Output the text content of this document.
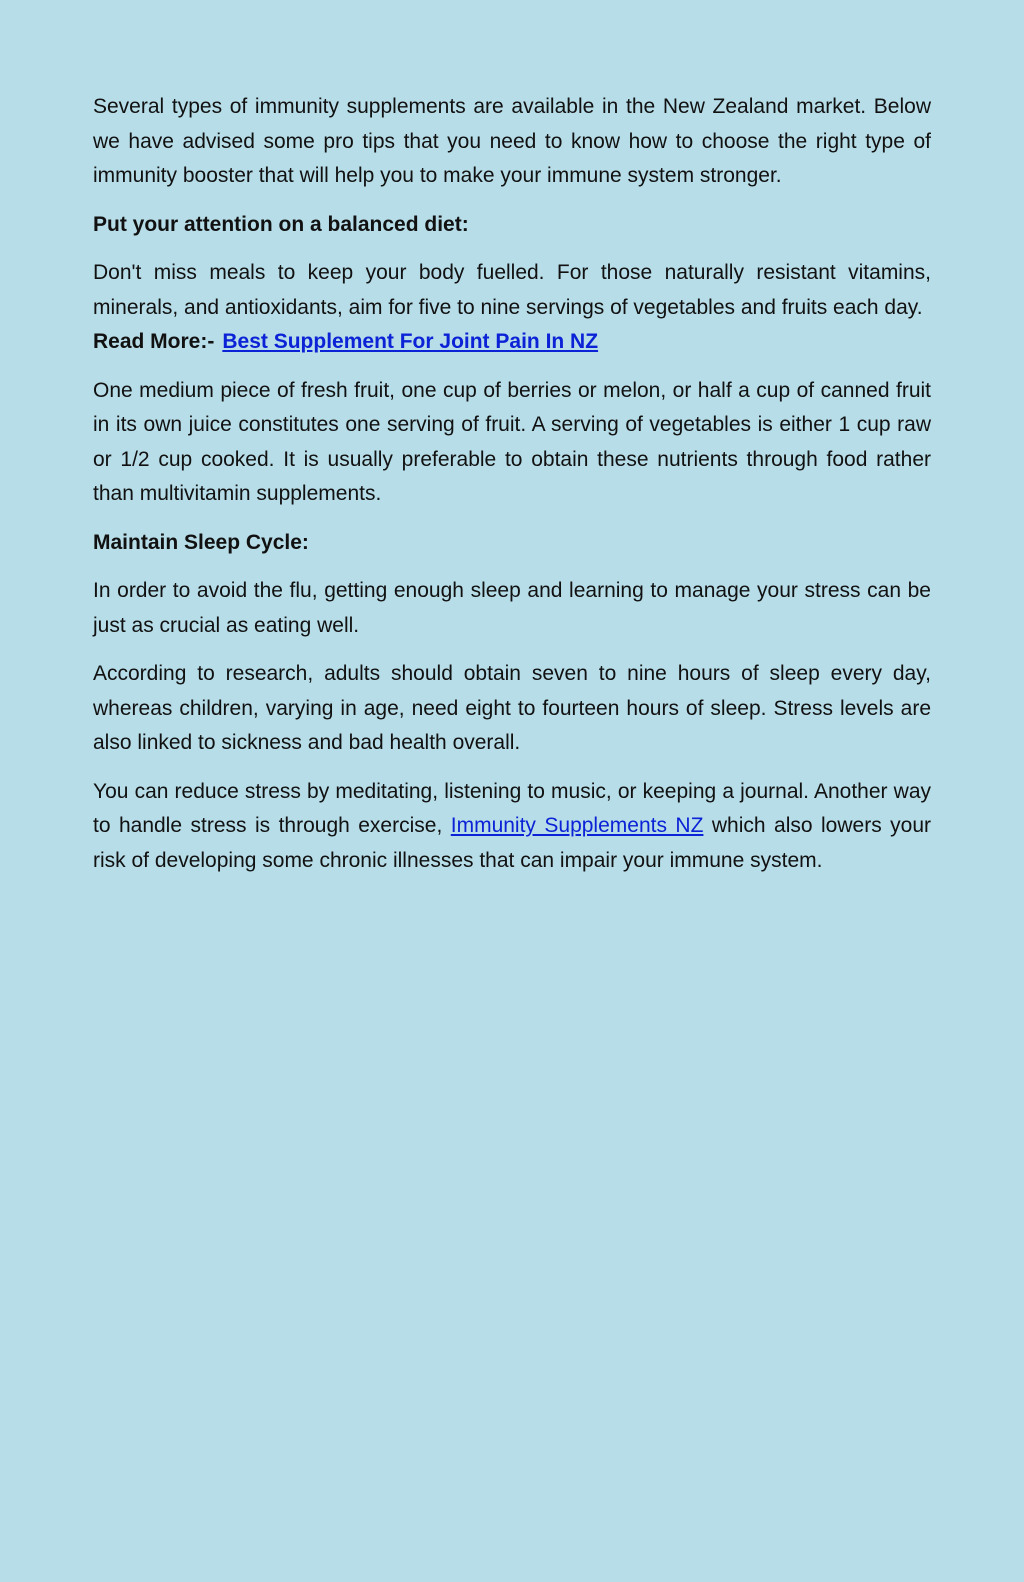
Several types of immunity supplements are available in the New Zealand market. Below we have advised some pro tips that you need to know how to choose the right type of immunity booster that will help you to make your immune system stronger.

Put your attention on a balanced diet:

Don't miss meals to keep your body fuelled. For those naturally resistant vitamins, minerals, and antioxidants, aim for five to nine servings of vegetables and fruits each day.

Read More:- Best Supplement For Joint Pain In NZ

One medium piece of fresh fruit, one cup of berries or melon, or half a cup of canned fruit in its own juice constitutes one serving of fruit. A serving of vegetables is either 1 cup raw or 1/2 cup cooked. It is usually preferable to obtain these nutrients through food rather than multivitamin supplements.

Maintain Sleep Cycle:

In order to avoid the flu, getting enough sleep and learning to manage your stress can be just as crucial as eating well.

According to research, adults should obtain seven to nine hours of sleep every day, whereas children, varying in age, need eight to fourteen hours of sleep. Stress levels are also linked to sickness and bad health overall.

You can reduce stress by meditating, listening to music, or keeping a journal. Another way to handle stress is through exercise, Immunity Supplements NZ which also lowers your risk of developing some chronic illnesses that can impair your immune system.
